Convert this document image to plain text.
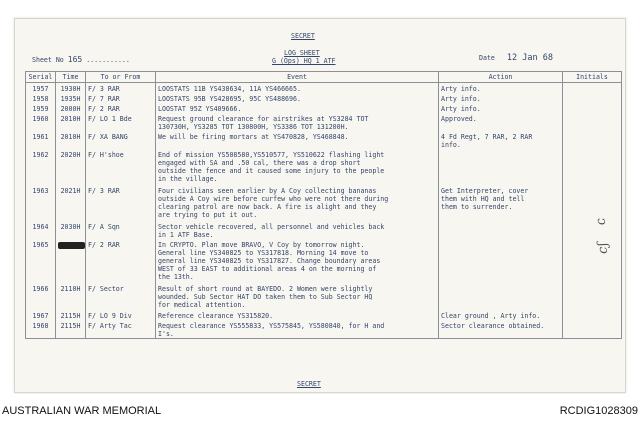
SECRET
LOG SHEET
G (Ops) HQ 1 ATF
Sheet No 165 ...........	Date 12 Jan 68
Serial	Time	To or From	Event	Action	Initials
1957	1930H	F/ 3 RAR	LOOSTATS 11B YS438634, 11A YS466665.	Arty info.	

1958	1935H	F/ 7 RAR	LOOSTATS 95B YS428695, 95C YS488696.	Arty info.	

1959	2000H	F/ 2 RAR	LOOSTAT 95Z YS409666.	Arty info.	

1960	2010H	F/ LO 1 Bde	Request ground clearance for airstrikes at YS3284 TOT
130730H, YS3285 TOT 130800H, YS3386 TOT 131200H.	Approved.	

1961	2010H	F/ XA BANG	We will be firing mortars at YS470828, YS468848.	4 Fd Regt, 7 RAR, 2 RAR
info.	

1962	2020H	F/ H'shoe	End of mission YS508580,YS510577, YS510622 flashing light
engaged with SA and .50 cal, there was a drop short
outside the fence and it caused some injury to the people
in the village.		

1963	2021H	F/ 3 RAR	Four civilians seen earlier by A Coy collecting bananas
outside A Coy wire before curfew who were not there during
clearing patrol are now back. A fire is alight and they
are trying to put it out.	Get Interpreter, cover
them with HQ and tell
them to surrender.	

1964	2030H	F/ A Sqn	Sector vehicle recovered, all personnel and vehicles back
in 1 ATF Base.		

1965		F/ 2 RAR	In CRYPTO. Plan move BRAVO, V Coy by tomorrow night.
General line YS340825 to YS317818. Morning 14 move to
general line YS340825 to YS317827. Change boundary areas
WEST of 33 EAST to additional areas 4 on the morning of
the 13th.		

1966	2110H	F/ Sector	Result of short round at BAYEDO. 2 Women were slightly
wounded. Sub Sector HAT DO taken them to Sub Sector HQ
for medical attention.		

1967	2115H	F/ LO 9 Div	Reference clearance YS315820.	Clear ground , Arty info.	

1968	2115H	F/ Arty Tac	Request clearance YS555833, YS575845, YS580840, for H and
I's.	Sector clearance obtained.	

ↄ
ʃɔ
SECRET
AUSTRALIAN WAR MEMORIAL	RCDIG1028309
